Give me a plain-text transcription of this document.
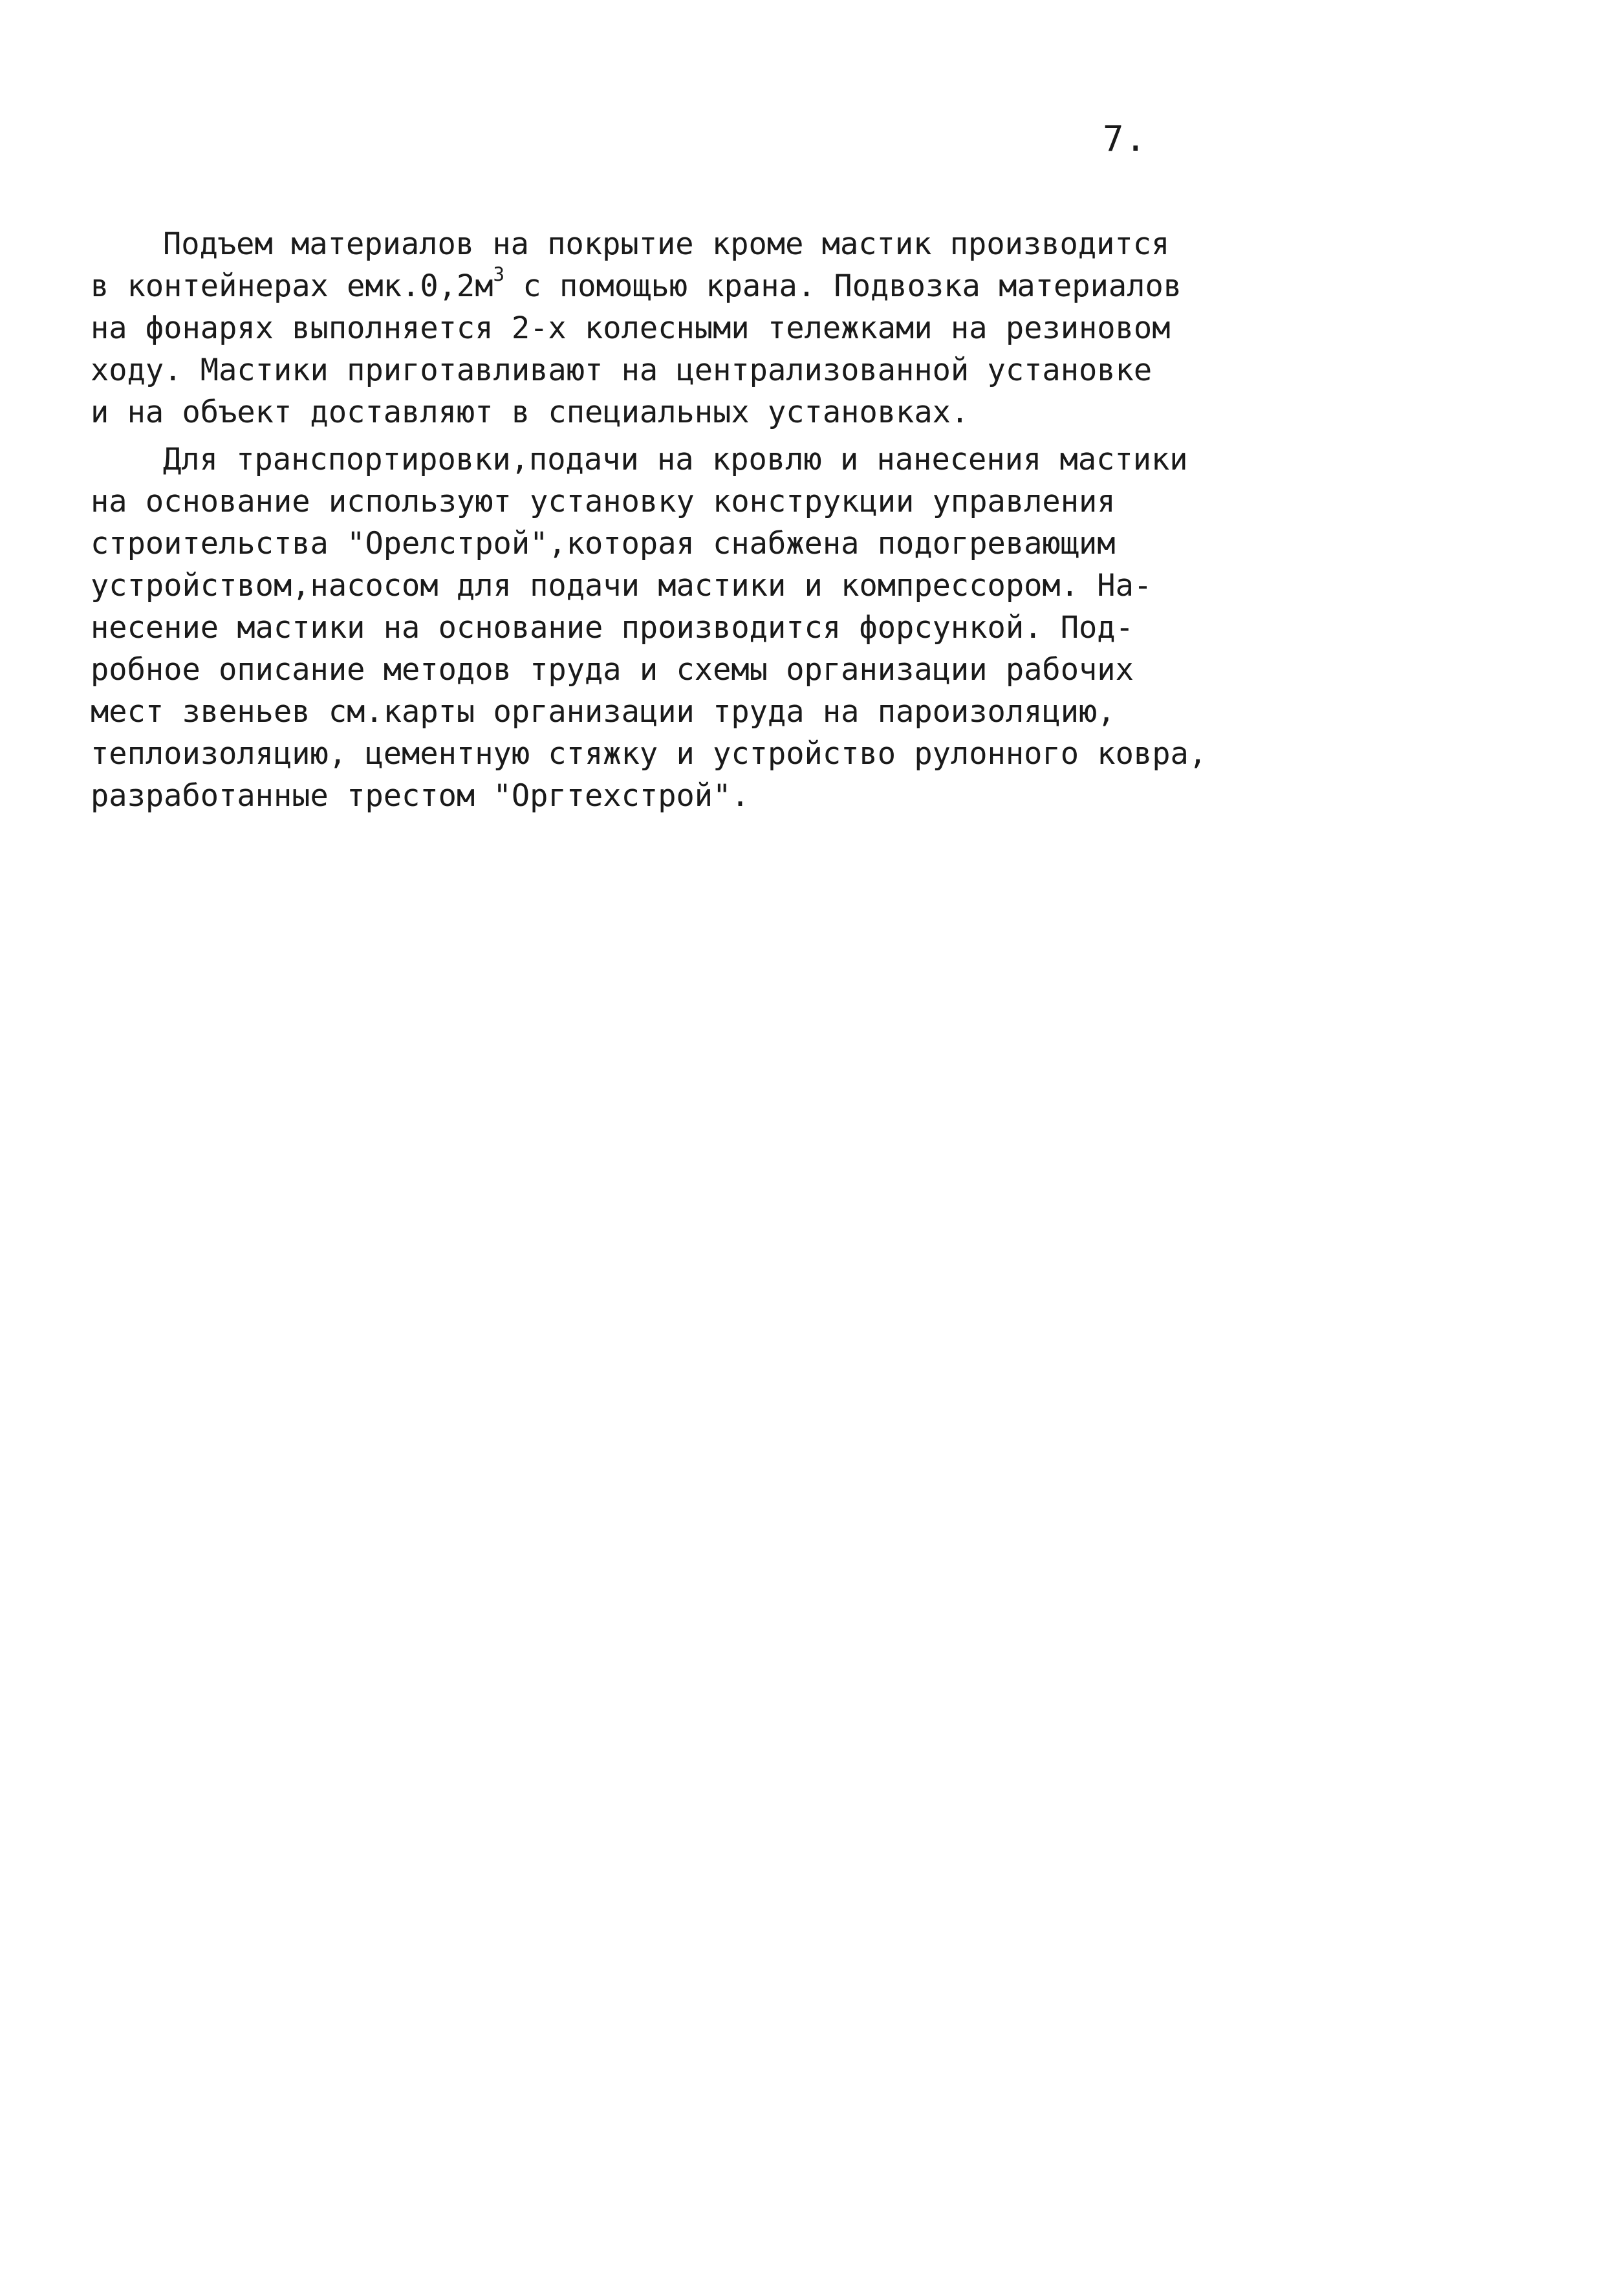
7.
Подъем материалов на покрытие кроме мастик производится
в контейнерах $емк.0,2м^3$ с помощью крана. Подвозка материалов
на фонарях выполняется 2-х колесными тележками на резиновом
ходу. Мастики приготавливают на централизованной установке
и на объект доставляют в специальных установках.
Для транспортировки,подачи на кровлю и нанесения мастики
на основание используют установку конструкции управления
строительства "Орелстрой",которая снабжена подогревающим
устройством,насосом для подачи мастики и компрессором. На-
несение мастики на основание производится форсункой. Под-
робное описание методов труда и схемы организации рабочих
мест звеньев см.карты организации труда на пароизоляцию,
теплоизоляцию, цементную стяжку и устройство рулонного ковра,
разработанные трестом "Оргтехстрой".
